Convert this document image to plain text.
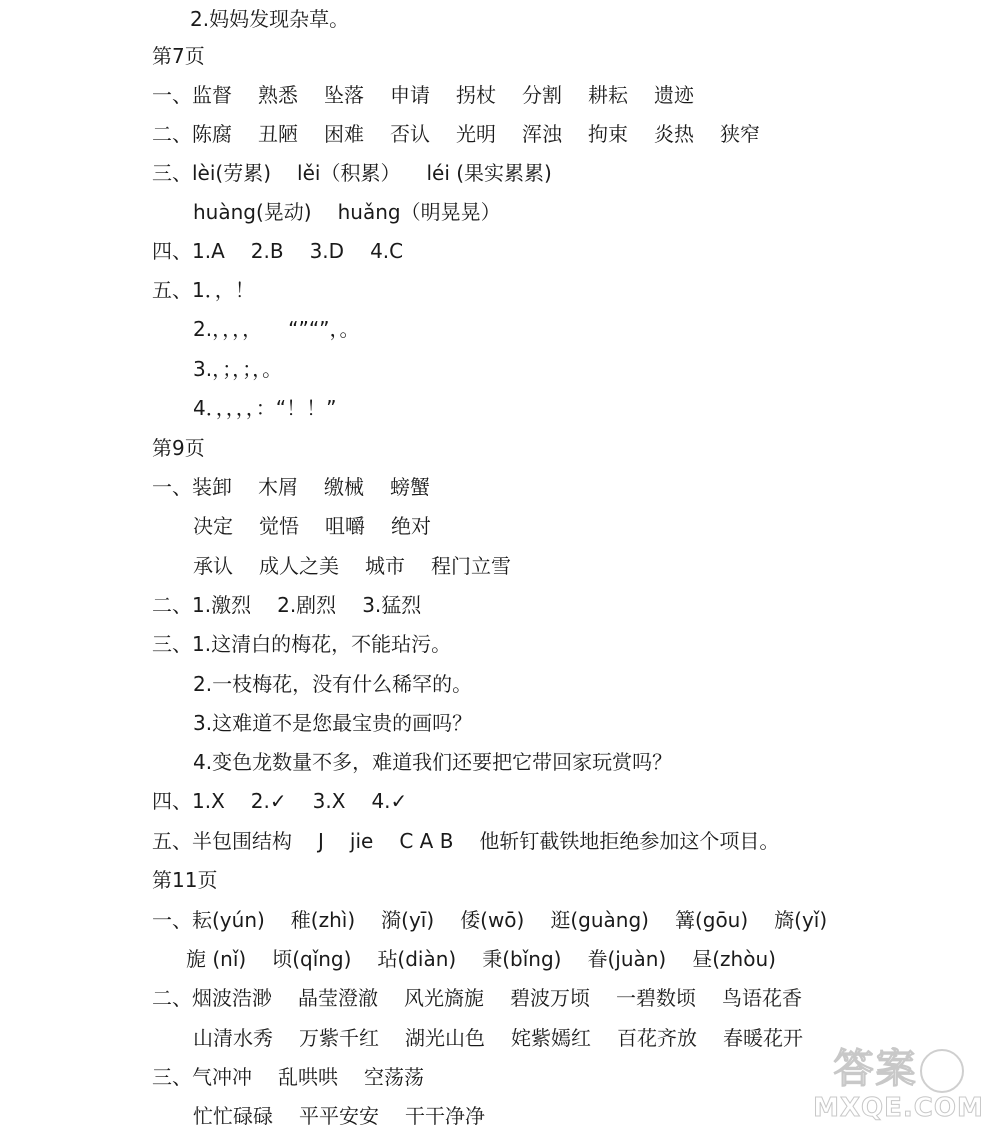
2.妈妈发现杂草。
第7页
一、监督 熟悉 坠落 申请 拐杖 分割 耕耘 遗迹
二、陈腐 丑陋 困难 否认 光明 浑浊 拘束 炎热 狭窄
三、lèi(劳累) lěi（积累） léi (果实累累)
huàng(晃动) huǎng（明晃晃）
四、1.A 2.B 3.D 4.C
五、1．，！
2.，，，， “”“”，。
3.，；，；，。
4．，，，，：“！！”
第9页
一、装卸 木屑 缴械 螃蟹
决定 觉悟 咀嚼 绝对
承认 成人之美 城市 程门立雪
二、1.激烈 2.剧烈 3.猛烈
三、1.这清白的梅花，不能玷污。
2.一枝梅花，没有什么稀罕的。
3.这难道不是您最宝贵的画吗？
4.变色龙数量不多，难道我们还要把它带回家玩赏吗？
四、1.X 2.✓ 3.X 4.✓
五、半包围结构 J jie C A B 他斩钉截铁地拒绝参加这个项目。
第11页
一、耘(yún) 稚(zhì) 漪(yī) 倭(wō) 逛(guàng) 篝(gōu) 旖(yǐ)
旎 (nǐ) 顷(qǐng) 玷(diàn) 秉(bǐng) 眷(juàn) 昼(zhòu)
二、烟波浩渺 晶莹澄澈 风光旖旎 碧波万顷 一碧数顷 鸟语花香
山清水秀 万紫千红 湖光山色 姹紫嫣红 百花齐放 春暖花开
三、气冲冲 乱哄哄 空荡荡
忙忙碌碌 平平安安 干干净净
答案
MXQE.COM
